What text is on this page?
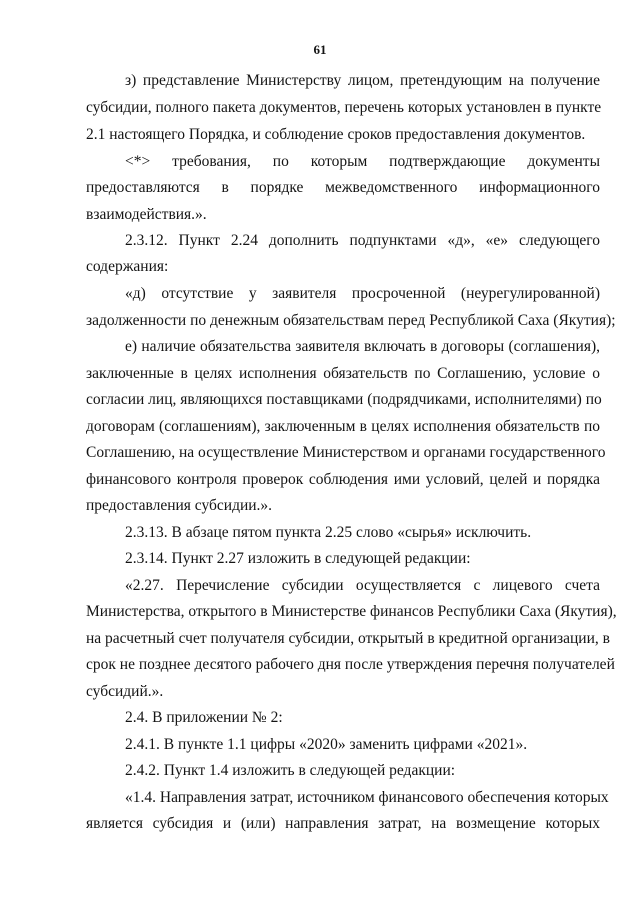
61
з) представление Министерству лицом, претендующим на получение
субсидии, полного пакета документов, перечень которых установлен в пункте
2.1 настоящего Порядка, и соблюдение сроков предоставления документов.
<*> требования, по которым подтверждающие документы
предоставляются в порядке межведомственного информационного
взаимодействия.».
2.3.12. Пункт 2.24 дополнить подпунктами «д», «е» следующего
содержания:
«д) отсутствие у заявителя просроченной (неурегулированной)
задолженности по денежным обязательствам перед Республикой Саха (Якутия);
е) наличие обязательства заявителя включать в договоры (соглашения),
заключенные в целях исполнения обязательств по Соглашению, условие о
согласии лиц, являющихся поставщиками (подрядчиками, исполнителями) по
договорам (соглашениям), заключенным в целях исполнения обязательств по
Соглашению, на осуществление Министерством и органами государственного
финансового контроля проверок соблюдения ими условий, целей и порядка
предоставления субсидии.».
2.3.13. В абзаце пятом пункта 2.25 слово «сырья» исключить.
2.3.14. Пункт 2.27 изложить в следующей редакции:
«2.27. Перечисление субсидии осуществляется с лицевого счета
Министерства, открытого в Министерстве финансов Республики Саха (Якутия),
на расчетный счет получателя субсидии, открытый в кредитной организации, в
срок не позднее десятого рабочего дня после утверждения перечня получателей
субсидий.».
2.4. В приложении № 2:
2.4.1. В пункте 1.1 цифры «2020» заменить цифрами «2021».
2.4.2. Пункт 1.4 изложить в следующей редакции:
«1.4. Направления затрат, источником финансового обеспечения которых
является субсидия и (или) направления затрат, на возмещение которых
